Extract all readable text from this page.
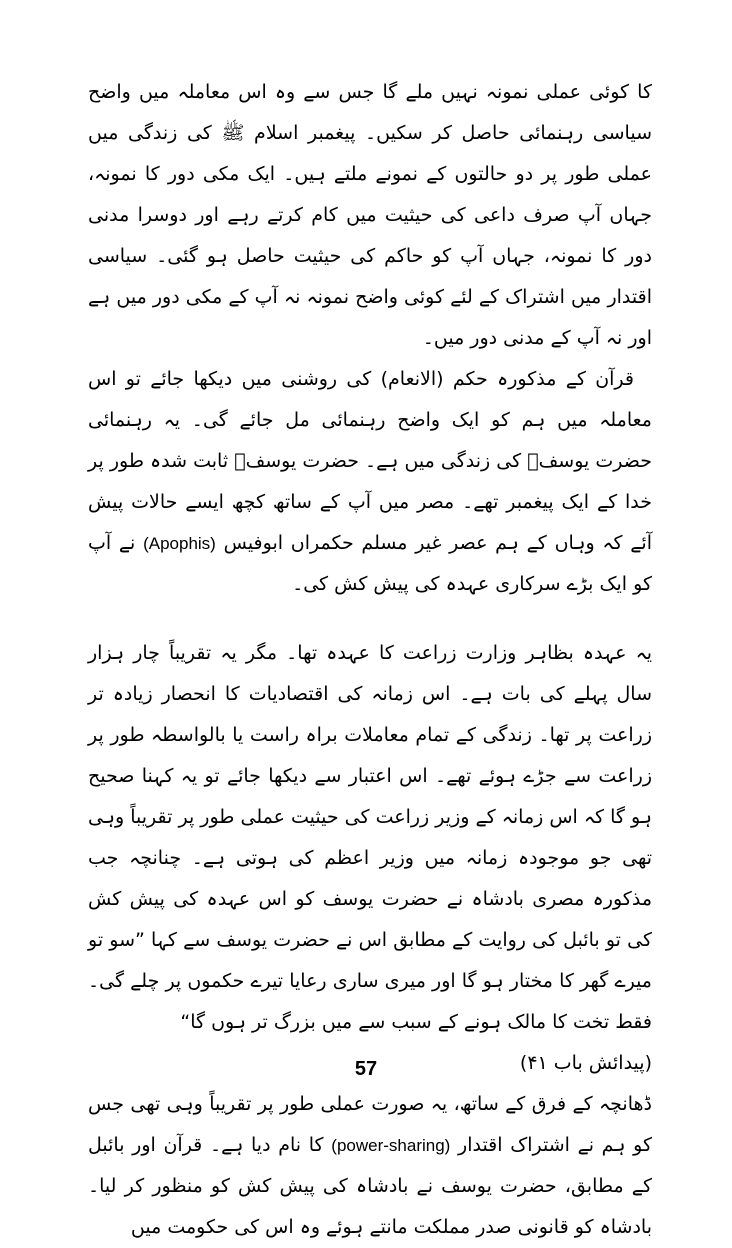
کا کوئی عملی نمونہ نہیں ملے گا جس سے وہ اس معاملہ میں واضح سیاسی رہنمائی حاصل کر سکیں۔ پیغمبر اسلام ﷺ کی زندگی میں عملی طور پر دو حالتوں کے نمونے ملتے ہیں۔ ایک مکی دور کا نمونہ، جہاں آپ صرف داعی کی حیثیت میں کام کرتے رہے اور دوسرا مدنی دور کا نمونہ، جہاں آپ کو حاکم کی حیثیت حاصل ہو گئی۔ سیاسی اقتدار میں اشتراک کے لئے کوئی واضح نمونہ نہ آپ کے مکی دور میں ہے اور نہ آپ کے مدنی دور میں۔

قرآن کے مذکورہ حکم (الانعام) کی روشنی میں دیکھا جائے تو اس معاملہ میں ہم کو ایک واضح رہنمائی مل جائے گی۔ یہ رہنمائی حضرت یوسفؑ کی زندگی میں ہے۔ حضرت یوسفؑ ثابت شدہ طور پر خدا کے ایک پیغمبر تھے۔ مصر میں آپ کے ساتھ کچھ ایسے حالات پیش آئے کہ وہاں کے ہم عصر غیر مسلم حکمراں ابوفیس (Apophis) نے آپ کو ایک بڑے سرکاری عہدہ کی پیش کش کی۔

یہ عہدہ بظاہر وزارت زراعت کا عہدہ تھا۔ مگر یہ تقریباً چار ہزار سال پہلے کی بات ہے۔ اس زمانہ کی اقتصادیات کا انحصار زیادہ تر زراعت پر تھا۔ زندگی کے تمام معاملات براہ راست یا بالواسطہ طور پر زراعت سے جڑے ہوئے تھے۔ اس اعتبار سے دیکھا جائے تو یہ کہنا صحیح ہو گا کہ اس زمانہ کے وزیر زراعت کی حیثیت عملی طور پر تقریباً وہی تھی جو موجودہ زمانہ میں وزیر اعظم کی ہوتی ہے۔ چنانچہ جب مذکورہ مصری بادشاہ نے حضرت یوسف کو اس عہدہ کی پیش کش کی تو بائبل کی روایت کے مطابق اس نے حضرت یوسف سے کہا ”سو تو میرے گھر کا مختار ہو گا اور میری ساری رعایا تیرے حکموں پر چلے گی۔ فقط تخت کا مالک ہونے کے سبب سے میں بزرگ تر ہوں گا“

(پیدائش باب ۴۱)

ڈھانچہ کے فرق کے ساتھ، یہ صورت عملی طور پر تقریباً وہی تھی جس کو ہم نے اشتراک اقتدار (power-sharing) کا نام دیا ہے۔ قرآن اور بائبل کے مطابق، حضرت یوسف نے بادشاہ کی پیش کش کو منظور کر لیا۔ بادشاہ کو قانونی صدر مملکت مانتے ہوئے وہ اس کی حکومت میں

57
